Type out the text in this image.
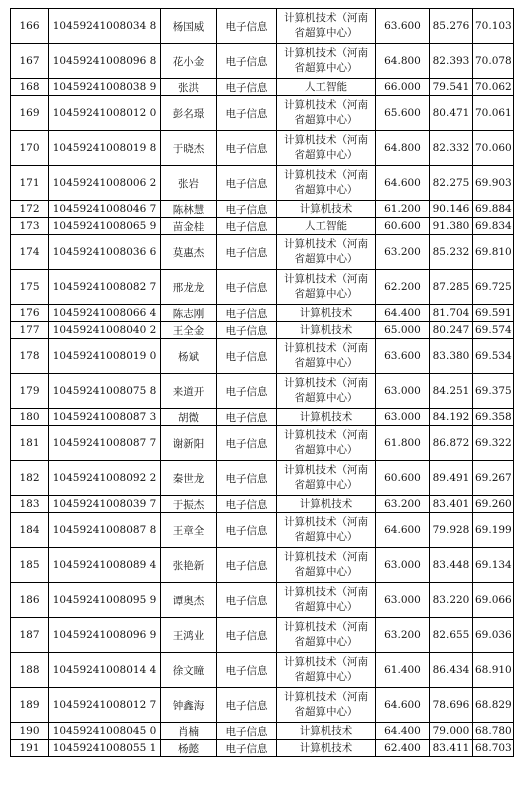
166	10459241008034 8	杨国威	电子信息	计算机技术（河南省超算中心）	63.600	85.276	70.103
167	10459241008096 8	花小金	电子信息	计算机技术（河南省超算中心）	64.800	82.393	70.078
168	10459241008038 9	张洪	电子信息	人工智能	66.000	79.541	70.062
169	10459241008012 0	彭名璟	电子信息	计算机技术（河南省超算中心）	65.600	80.471	70.061
170	10459241008019 8	于晓杰	电子信息	计算机技术（河南省超算中心）	64.800	82.332	70.060
171	10459241008006 2	张岩	电子信息	计算机技术（河南省超算中心）	64.600	82.275	69.903
172	10459241008046 7	陈林慧	电子信息	计算机技术	61.200	90.146	69.884
173	10459241008065 9	苗金桂	电子信息	人工智能	60.600	91.380	69.834
174	10459241008036 6	莫惠杰	电子信息	计算机技术（河南省超算中心）	63.200	85.232	69.810
175	10459241008082 7	邢龙龙	电子信息	计算机技术（河南省超算中心）	62.200	87.285	69.725
176	10459241008066 4	陈志刚	电子信息	计算机技术	64.400	81.704	69.591
177	10459241008040 2	王全金	电子信息	计算机技术	65.000	80.247	69.574
178	10459241008019 0	杨斌	电子信息	计算机技术（河南省超算中心）	63.600	83.380	69.534
179	10459241008075 8	来道开	电子信息	计算机技术（河南省超算中心）	63.000	84.251	69.375
180	10459241008087 3	胡微	电子信息	计算机技术	63.000	84.192	69.358
181	10459241008087 7	谢新阳	电子信息	计算机技术（河南省超算中心）	61.800	86.872	69.322
182	10459241008092 2	秦世龙	电子信息	计算机技术（河南省超算中心）	60.600	89.491	69.267
183	10459241008039 7	于振杰	电子信息	计算机技术	63.200	83.401	69.260
184	10459241008087 8	王章全	电子信息	计算机技术（河南省超算中心）	64.600	79.928	69.199
185	10459241008089 4	张艳新	电子信息	计算机技术（河南省超算中心）	63.000	83.448	69.134
186	10459241008095 9	谭奥杰	电子信息	计算机技术（河南省超算中心）	63.000	83.220	69.066
187	10459241008096 9	王鸿业	电子信息	计算机技术（河南省超算中心）	63.200	82.655	69.036
188	10459241008014 4	徐文瞳	电子信息	计算机技术（河南省超算中心）	61.400	86.434	68.910
189	10459241008012 7	钟鑫海	电子信息	计算机技术（河南省超算中心）	64.600	78.696	68.829
190	10459241008045 0	肖楠	电子信息	计算机技术	64.400	79.000	68.780
191	10459241008055 1	杨懿	电子信息	计算机技术	62.400	83.411	68.703
